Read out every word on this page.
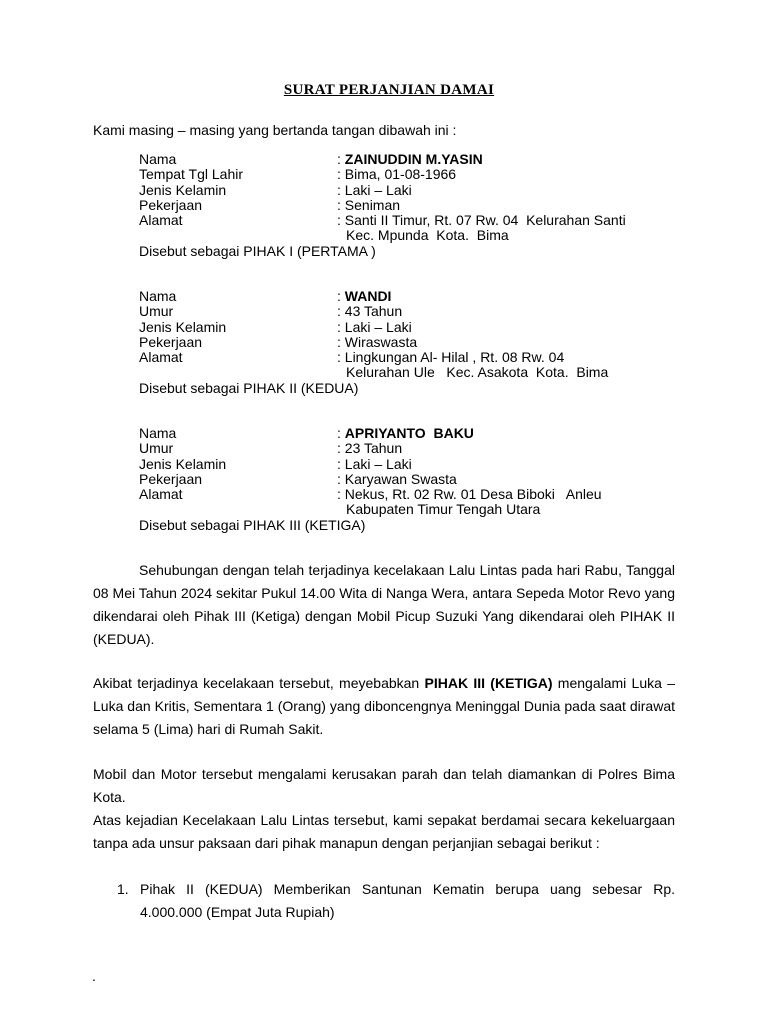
SURAT PERJANJIAN DAMAI
Kami masing – masing yang bertanda tangan dibawah ini :
Nama	: ZAINUDDIN M.YASIN
Tempat Tgl Lahir	: Bima, 01-08-1966
Jenis Kelamin	: Laki – Laki
Pekerjaan	: Seniman
Alamat	: Santi II Timur, Rt. 07 Rw. 04  Kelurahan Santi
Kec. Mpunda  Kota.  Bima
Disebut sebagai PIHAK I (PERTAMA )
Nama	: WANDI
Umur	: 43 Tahun
Jenis Kelamin	: Laki – Laki
Pekerjaan	: Wiraswasta
Alamat	: Lingkungan Al- Hilal , Rt. 08 Rw. 04
Kelurahan Ule   Kec. Asakota  Kota.  Bima
Disebut sebagai PIHAK II (KEDUA)
Nama	: APRIYANTO  BAKU
Umur	: 23 Tahun
Jenis Kelamin	: Laki – Laki
Pekerjaan	: Karyawan Swasta
Alamat	: Nekus, Rt. 02 Rw. 01 Desa Biboki   Anleu
Kabupaten Timur Tengah Utara
Disebut sebagai PIHAK III (KETIGA)
Sehubungan dengan telah terjadinya kecelakaan Lalu Lintas pada hari Rabu, Tanggal 08 Mei Tahun 2024 sekitar Pukul 14.00 Wita di Nanga Wera, antara Sepeda Motor Revo yang dikendarai oleh Pihak III (Ketiga) dengan Mobil Picup Suzuki Yang dikendarai oleh PIHAK II (KEDUA).
Akibat terjadinya kecelakaan tersebut, meyebabkan PIHAK III (KETIGA) mengalami Luka – Luka dan Kritis, Sementara 1 (Orang) yang diboncengnya Meninggal Dunia pada saat dirawat selama 5 (Lima) hari di Rumah Sakit.
Mobil dan Motor tersebut mengalami kerusakan parah dan telah diamankan di Polres Bima Kota.
Atas kejadian Kecelakaan Lalu Lintas tersebut, kami sepakat berdamai secara kekeluargaan tanpa ada unsur paksaan dari pihak manapun dengan perjanjian sebagai berikut :
1. Pihak II (KEDUA) Memberikan Santunan Kematin berupa uang sebesar Rp. 4.000.000 (Empat Juta Rupiah)
.
